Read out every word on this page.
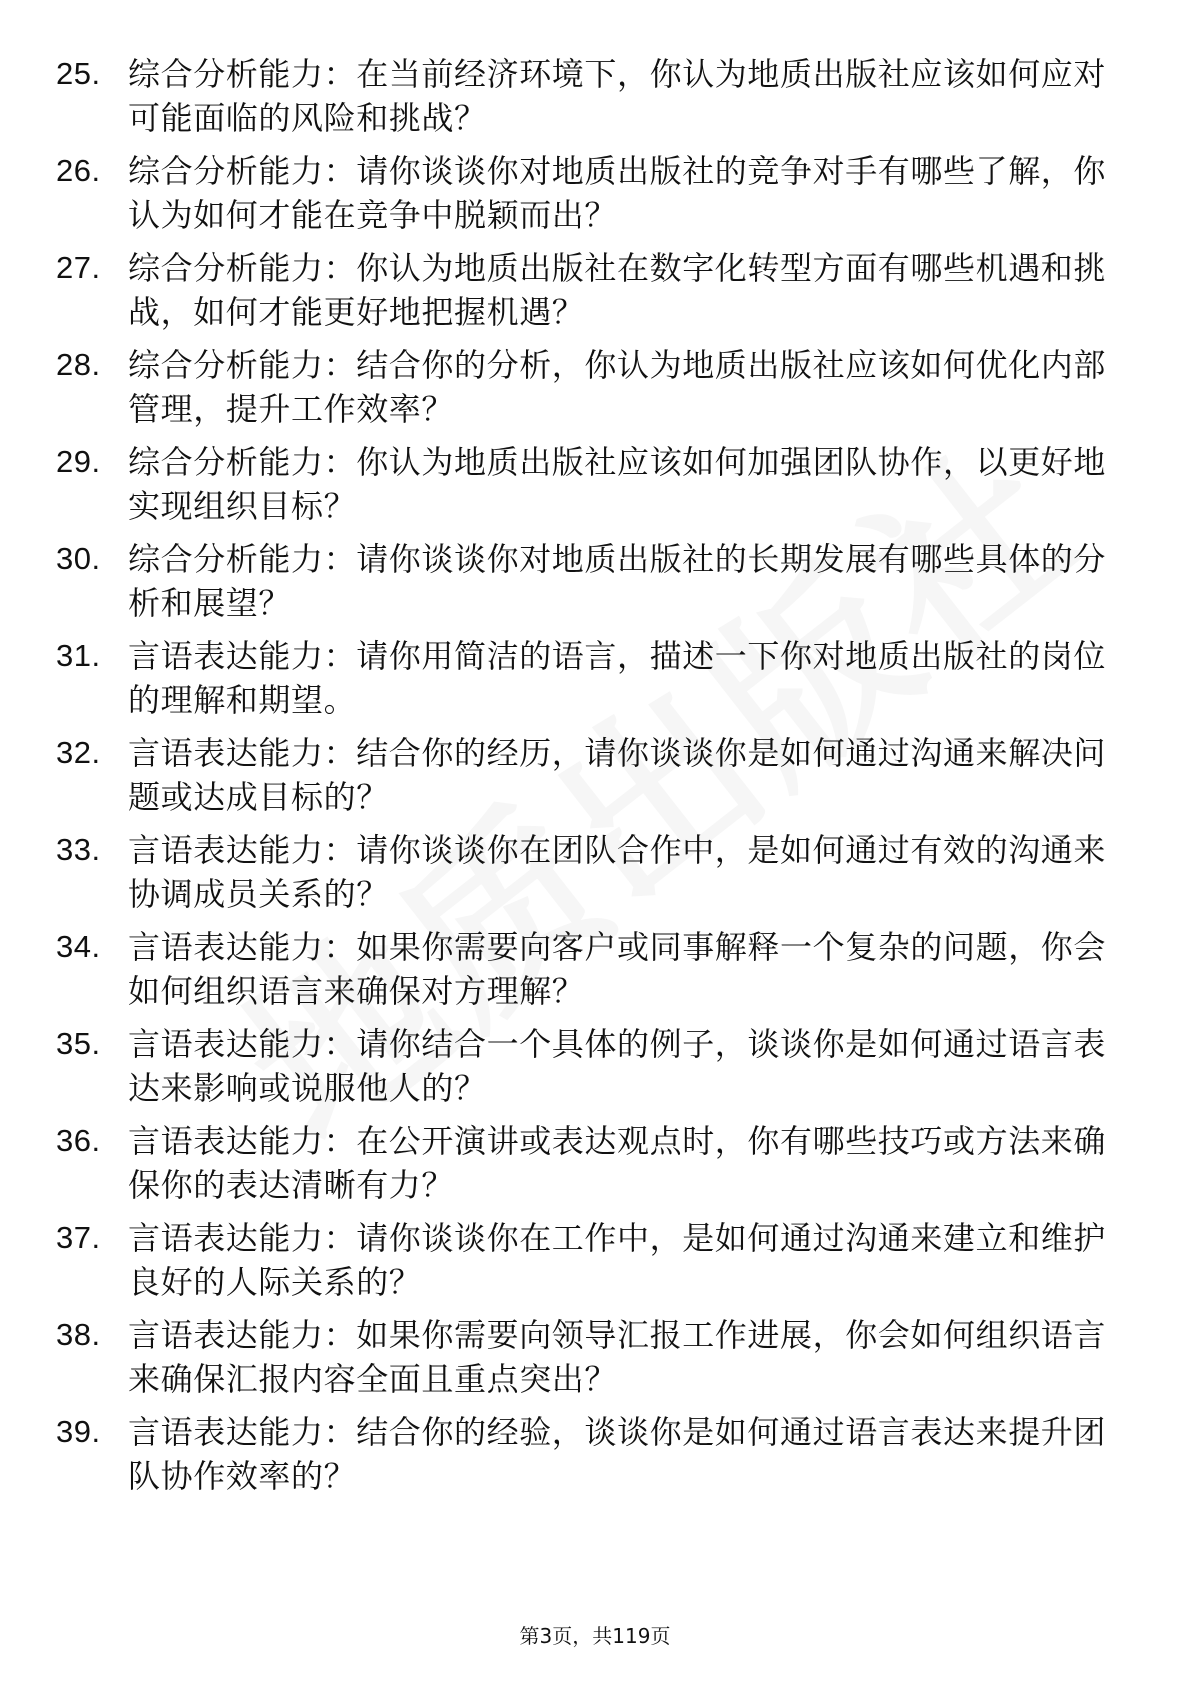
25. 综合分析能力：在当前经济环境下，你认为地质出版社应该如何应对可能面临的风险和挑战？
26. 综合分析能力：请你谈谈你对地质出版社的竞争对手有哪些了解，你认为如何才能在竞争中脱颖而出？
27. 综合分析能力：你认为地质出版社在数字化转型方面有哪些机遇和挑战，如何才能更好地把握机遇？
28. 综合分析能力：结合你的分析，你认为地质出版社应该如何优化内部管理，提升工作效率？
29. 综合分析能力：你认为地质出版社应该如何加强团队协作，以更好地实现组织目标？
30. 综合分析能力：请你谈谈你对地质出版社的长期发展有哪些具体的分析和展望？
31. 言语表达能力：请你用简洁的语言，描述一下你对地质出版社的岗位的理解和期望。
32. 言语表达能力：结合你的经历，请你谈谈你是如何通过沟通来解决问题或达成目标的？
33. 言语表达能力：请你谈谈你在团队合作中，是如何通过有效的沟通来协调成员关系的？
34. 言语表达能力：如果你需要向客户或同事解释一个复杂的问题，你会如何组织语言来确保对方理解？
35. 言语表达能力：请你结合一个具体的例子，谈谈你是如何通过语言表达来影响或说服他人的？
36. 言语表达能力：在公开演讲或表达观点时，你有哪些技巧或方法来确保你的表达清晰有力？
37. 言语表达能力：请你谈谈你在工作中，是如何通过沟通来建立和维护良好的人际关系的？
38. 言语表达能力：如果你需要向领导汇报工作进展，你会如何组织语言来确保汇报内容全面且重点突出？
39. 言语表达能力：结合你的经验，谈谈你是如何通过语言表达来提升团队协作效率的？
第3页，共119页
